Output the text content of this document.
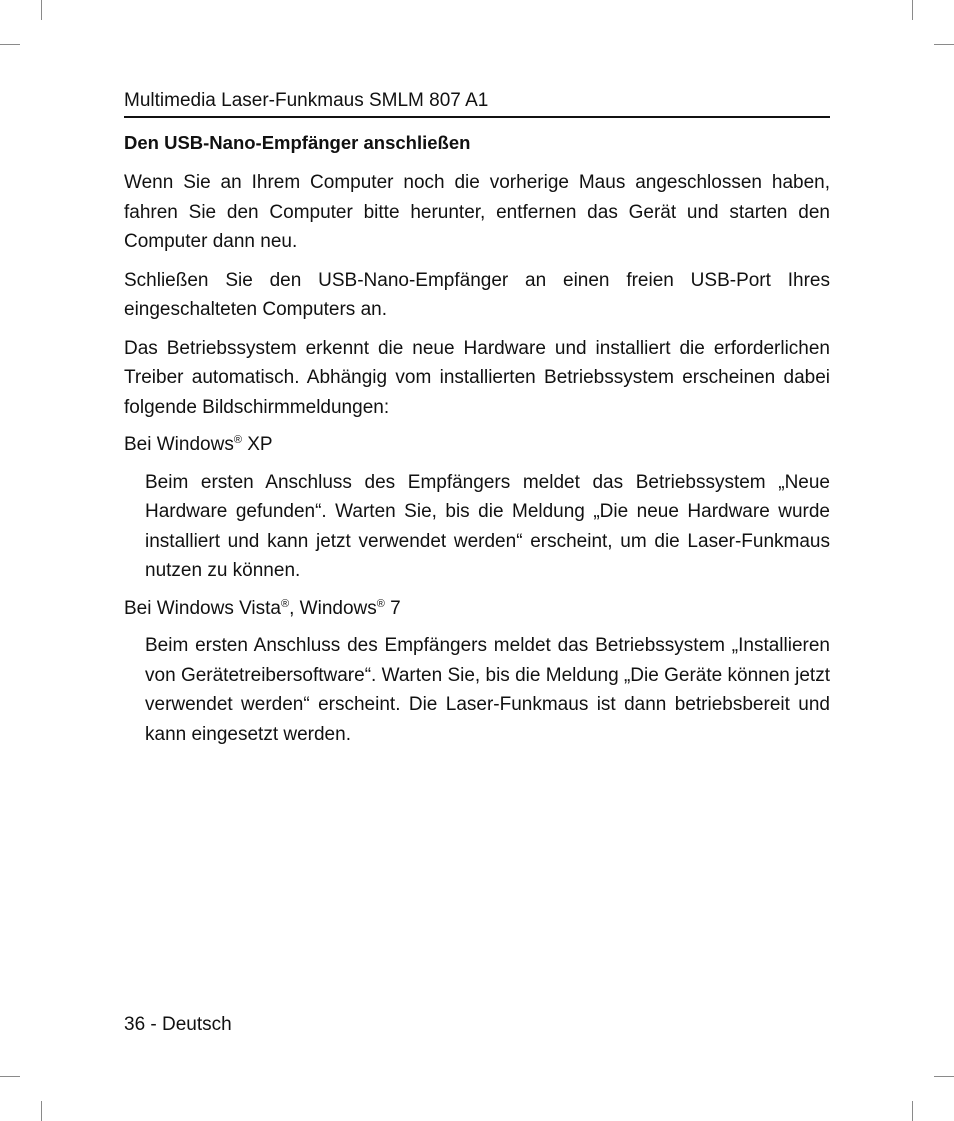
Multimedia Laser-Funkmaus SMLM 807 A1
Den USB-Nano-Empfänger anschließen

Wenn Sie an Ihrem Computer noch die vorherige Maus angeschlossen haben, fahren Sie den Computer bitte herunter, entfernen das Gerät und starten den Computer dann neu.

Schließen Sie den USB-Nano-Empfänger an einen freien USB-Port Ihres eingeschalteten Computers an.

Das Betriebssystem erkennt die neue Hardware und installiert die erforderlichen Treiber automatisch. Abhängig vom installierten Betriebssystem erscheinen dabei folgende Bildschirmmeldungen:

Bei Windows® XP

Beim ersten Anschluss des Empfängers meldet das Betriebssystem „Neue Hardware gefunden“. Warten Sie, bis die Meldung „Die neue Hardware wurde installiert und kann jetzt verwendet werden“ erscheint, um die Laser-Funkmaus nutzen zu können.

Bei Windows Vista®, Windows® 7

Beim ersten Anschluss des Empfängers meldet das Betriebssystem „Installieren von Gerätetreibersoftware“. Warten Sie, bis die Meldung „Die Geräte können jetzt verwendet werden“ erscheint. Die Laser-Funkmaus ist dann betriebsbereit und kann eingesetzt werden.

36 - Deutsch
